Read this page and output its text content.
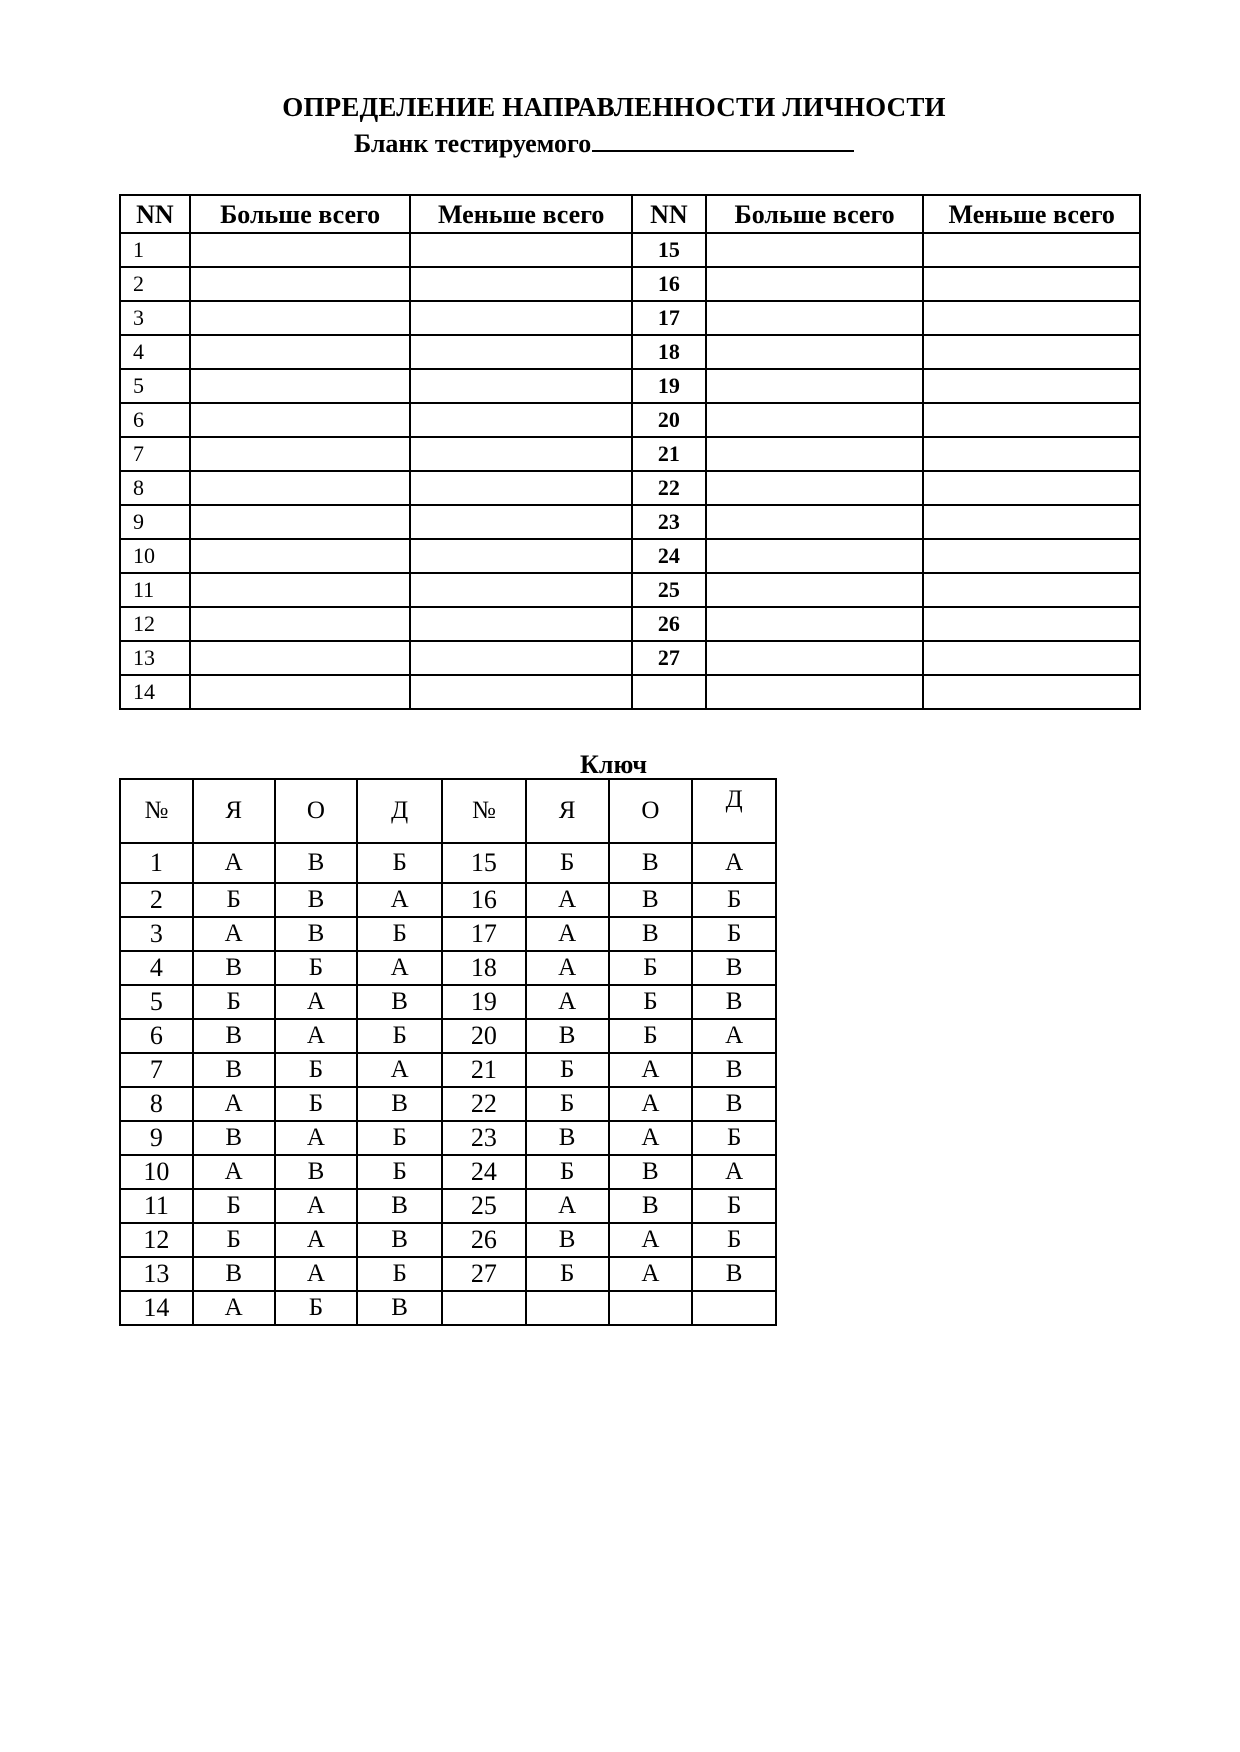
ОПРЕДЕЛЕНИЕ НАПРАВЛЕННОСТИ ЛИЧНОСТИ
Бланк тестируемого
NN	Больше всего	Меньше всего	NN	Больше всего	Меньше всего
1			15		
2			16		
3			17		
4			18		
5			19		
6			20		
7			21		
8			22		
9			23		
10			24		
11			25		
12			26		
13			27		
14					
Ключ
№	Я	О	Д	№	Я	О	Д
1	А	В	Б	15	Б	В	А
2	Б	В	А	16	А	В	Б
3	А	В	Б	17	А	В	Б
4	В	Б	А	18	А	Б	В
5	Б	А	В	19	А	Б	В
6	В	А	Б	20	В	Б	А
7	В	Б	А	21	Б	А	В
8	А	Б	В	22	Б	А	В
9	В	А	Б	23	В	А	Б
10	А	В	Б	24	Б	В	А
11	Б	А	В	25	А	В	Б
12	Б	А	В	26	В	А	Б
13	В	А	Б	27	Б	А	В
14	А	Б	В				
